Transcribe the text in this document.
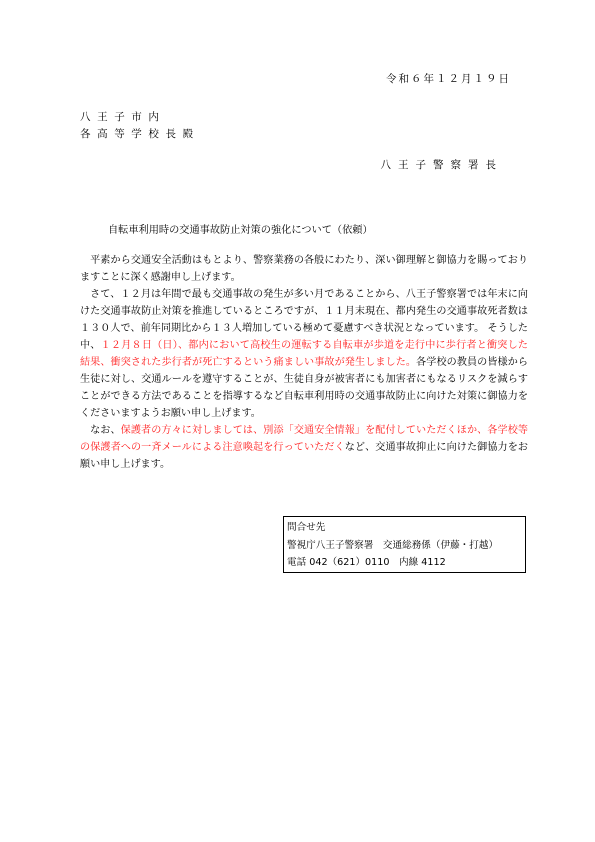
令和６年１２月１９日
八王子市内
各高等学校長殿
八王子警察署長
自転車利用時の交通事故防止対策の強化について（依頼）

平素から交通安全活動はもとより、警察業務の各般にわたり、深い御理解と御協力を賜っておりますことに深く感謝申し上げます。

さて、１２月は年間で最も交通事故の発生が多い月であることから、八王子警察署では年末に向けた交通事故防止対策を推進しているところですが、１１月末現在、都内発生の交通事故死者数は１３０人で、前年同期比から１３人増加している極めて憂慮すべき状況となっています。 そうした中、１２月８日（日）、都内において高校生の運転する自転車が歩道を走行中に歩行者と衝突した結果、衝突された歩行者が死亡するという痛ましい事故が発生しました。各学校の教員の皆様から生徒に対し、交通ルールを遵守することが、生徒自身が被害者にも加害者にもなるリスクを減らすことができる方法であることを指導するなど自転車利用時の交通事故防止に向けた対策に御協力をくださいますようお願い申し上げます。

なお、保護者の方々に対しましては、別添「交通安全情報」を配付していただくほか、各学校等の保護者への一斉メールによる注意喚起を行っていただくなど、交通事故抑止に向けた御協力をお願い申し上げます。

問合せ先
警視庁八王子警察署　交通総務係（伊藤・打越）
電話 042（621）0110　内線 4112
